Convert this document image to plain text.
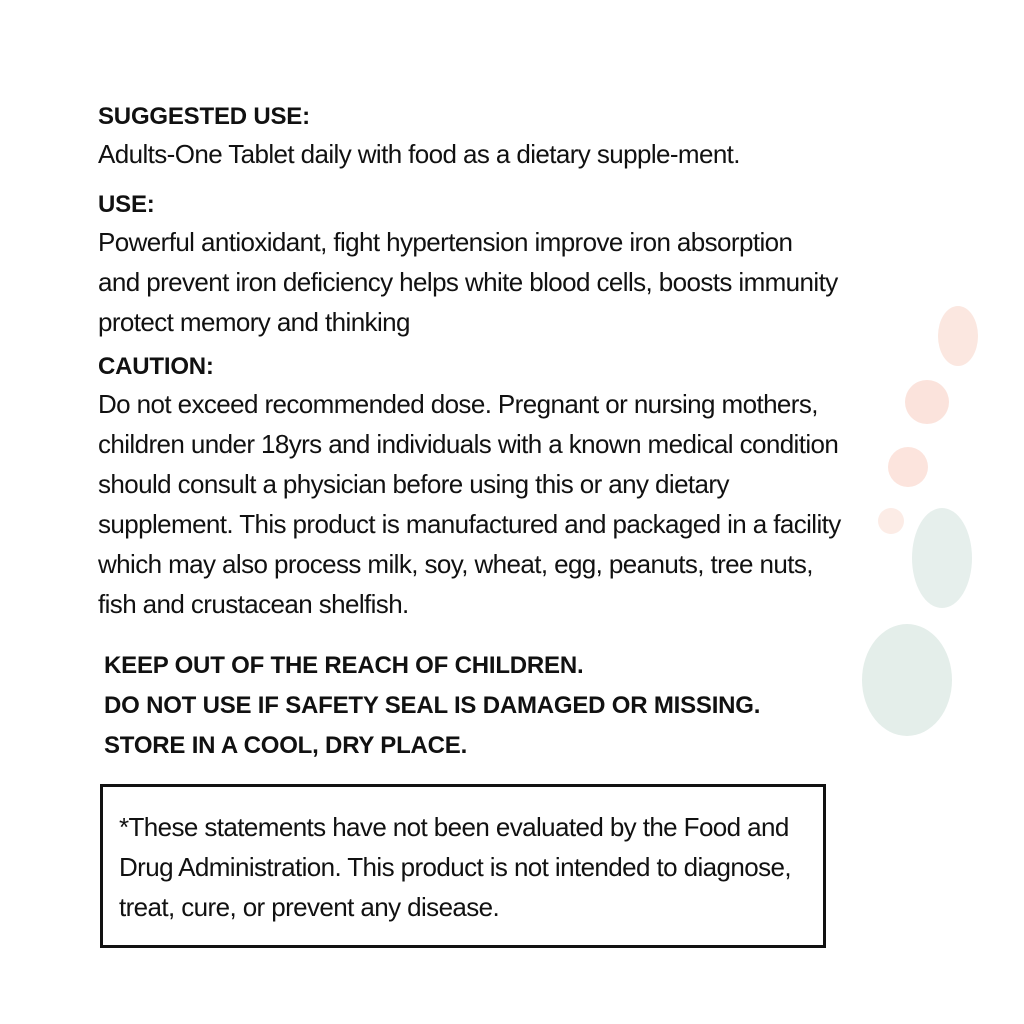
SUGGESTED USE:

Adults-One Tablet daily with food as a dietary supple-ment.

USE:

Powerful antioxidant, fight hypertension improve iron absorption
and prevent iron deficiency helps white blood cells, boosts immunity
protect memory and thinking

CAUTION:

Do not exceed recommended dose. Pregnant or nursing mothers,
children under 18yrs and individuals with a known medical condition
should consult a physician before using this or any dietary
supplement. This product is manufactured and packaged in a facility
which may also process milk, soy, wheat, egg, peanuts, tree nuts,
fish and crustacean shelfish.

KEEP OUT OF THE REACH OF CHILDREN.
DO NOT USE IF SAFETY SEAL IS DAMAGED OR MISSING.
STORE IN A COOL, DRY PLACE.
*These statements have not been evaluated by the Food and
Drug Administration. This product is not intended to diagnose,
treat, cure, or prevent any disease.
